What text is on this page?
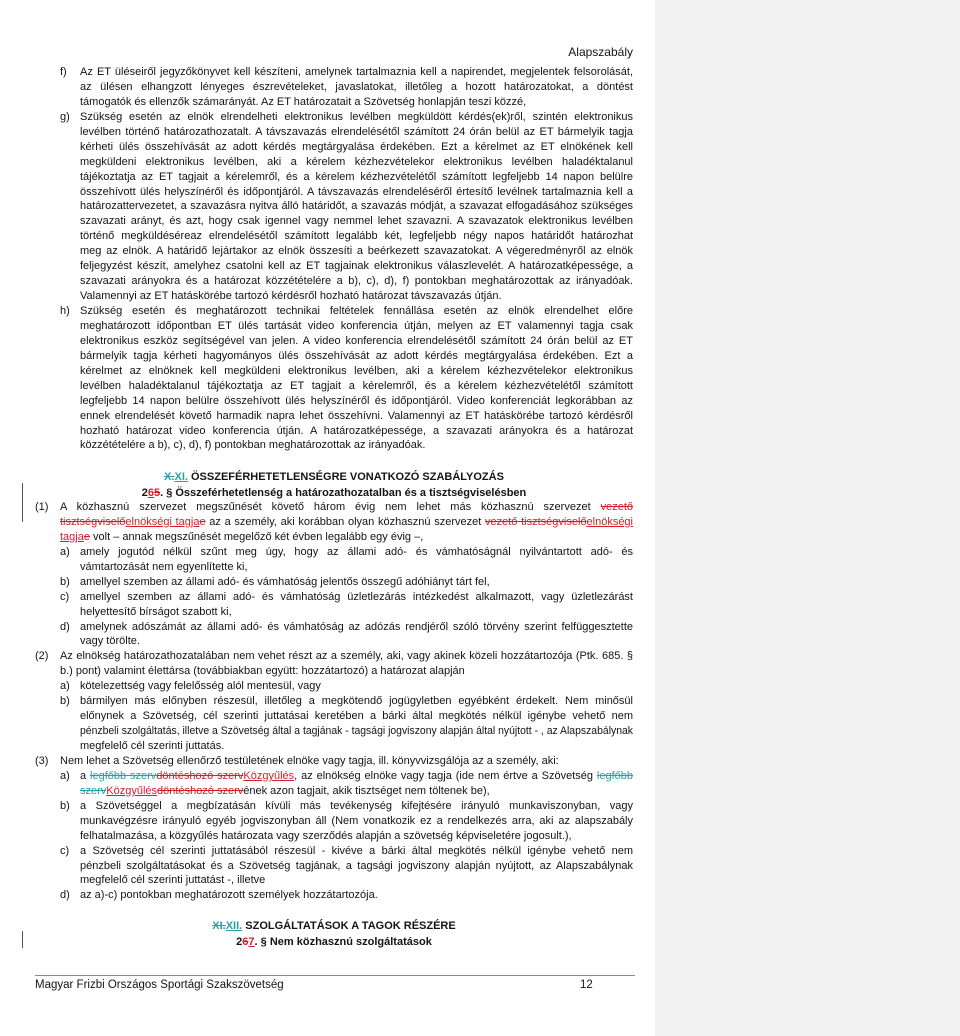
Alapszabály
f) Az ET üléseiről jegyzőkönyvet kell készíteni, amelynek tartalmaznia kell a napirendet, megjelentek felsorolását,
az ülésen elhangzott lényeges észrevételeket, javaslatokat, illetőleg a hozott határozatokat, a döntést
támogatók és ellenzők számarányát. Az ET határozatait a Szövetség honlapján teszi közzé,
g) Szükség esetén az elnök elrendelheti elektronikus levélben megküldött kérdés(ek)ről, szintén elektronikus
levélben történő határozathozatalt. A távszavazás elrendelésétől számított 24 órán belül az ET bármelyik tagja
kérheti ülés összehívását az adott kérdés megtárgyalása érdekében. Ezt a kérelmet az ET elnökének kell
megküldeni elektronikus levélben, aki a kérelem kézhezvételekor elektronikus levélben haladéktalanul
tájékoztatja az ET tagjait a kérelemről, és a kérelem kézhezvételétől számított legfeljebb 14 napon belülre
összehívott ülés helyszínéről és időpontjáról. A távszavazás elrendeléséről értesítő levélnek tartalmaznia kell a
határozattervezetet, a szavazásra nyitva álló határidőt, a szavazás módját, a szavazat elfogadásához szükséges
szavazati arányt, és azt, hogy csak igennel vagy nemmel lehet szavazni. A szavazatok elektronikus levélben
történő megküldéséreaz elrendelésétől számított legalább két, legfeljebb négy napos határidőt határozhat
meg az elnök. A határidő lejártakor az elnök összesíti a beérkezett szavazatokat. A végeredményről az elnök
feljegyzést készít, amelyhez csatolni kell az ET tagjainak elektronikus válaszlevelét. A határozatképessége, a
szavazati arányokra és a határozat közzétételére a b), c), d), f) pontokban meghatározottak az irányadóak.
Valamennyi az ET hatáskörébe tartozó kérdésről hozható határozat távszavazás útján.
h) Szükség esetén és meghatározott technikai feltételek fennállása esetén az elnök elrendelhet előre
meghatározott időpontban ET ülés tartását video konferencia útján, melyen az ET valamennyi tagja csak
elektronikus eszköz segítségével van jelen. A video konferencia elrendelésétől számított 24 órán belül az ET
bármelyik tagja kérheti hagyományos ülés összehívását az adott kérdés megtárgyalása érdekében. Ezt a
kérelmet az elnöknek kell megküldeni elektronikus levélben, aki a kérelem kézhezvételekor elektronikus
levélben haladéktalanul tájékoztatja az ET tagjait a kérelemről, és a kérelem kézhezvételétől számított
legfeljebb 14 napon belülre összehívott ülés helyszínéről és időpontjáról. Video konferenciát legkorábban az
ennek elrendelését követő harmadik napra lehet összehívni. Valamennyi az ET hatáskörébe tartozó kérdésről
hozható határozat video konferencia útján. A határozatképessége, a szavazati arányokra és a határozat
közzétételére a b), c), d), f) pontokban meghatározottak az irányadóak.
X.XI. ÖSSZEFÉRHETETLENSÉGRE VONATKOZÓ SZABÁLYOZÁS
265. § Összeférhetetlenség a határozathozatalban és a tisztségviselésben
(1) A közhasznú szervezet megszűnését követő három évig nem lehet más közhasznú szervezet vezető
tisztségviselőelnökségi tagjae az a személy, aki korábban olyan közhasznú szervezet vezető tisztségviselőelnökségi
tagjae volt – annak megszűnését megelőző két évben legalább egy évig –,
a) amely jogutód nélkül szűnt meg úgy, hogy az állami adó- és vámhatóságnál nyilvántartott adó- és
vámtartozását nem egyenlítette ki,
b) amellyel szemben az állami adó- és vámhatóság jelentős összegű adóhiányt tárt fel,
c) amellyel szemben az állami adó- és vámhatóság üzletlezárás intézkedést alkalmazott, vagy üzletlezárást
helyettesítő bírságot szabott ki,
d) amelynek adószámát az állami adó- és vámhatóság az adózás rendjéről szóló törvény szerint felfüggesztette
vagy törölte.
(2) Az elnökség határozathozatalában nem vehet részt az a személy, aki, vagy akinek közeli hozzátartozója (Ptk. 685. §
b.) pont) valamint élettársa (továbbiakban együtt: hozzátartozó) a határozat alapján
a) kötelezettség vagy felelősség alól mentesül, vagy
b) bármilyen más előnyben részesül, illetőleg a megkötendő jogügyletben egyébként érdekelt. Nem minősül
előnynek a Szövetség, cél szerinti juttatásai keretében a bárki által megkötés nélkül igénybe vehető nem
pénzbeli szolgáltatás, illetve a Szövetség által a tagjának - tagsági jogviszony alapján által nyújtott - , az Alapszabálynak
megfelelő cél szerinti juttatás.
(3) Nem lehet a Szövetség ellenőrző testületének elnöke vagy tagja, ill. könyvvizsgálója az a személy, aki:
a) a legfőbb szervdöntéshozó szervKözgyűlés, az elnökség elnöke vagy tagja (ide nem értve a Szövetség legfőbb
szervKözgyűlésdöntéshozó szervének azon tagjait, akik tisztséget nem töltenek be),
b) a Szövetséggel a megbízatásán kívüli más tevékenység kifejtésére irányuló munkaviszonyban, vagy
munkavégzésre irányuló egyéb jogviszonyban áll (Nem vonatkozik ez a rendelkezés arra, aki az alapszabály
felhatalmazása, a közgyűlés határozata vagy szerződés alapján a szövetség képviseletére jogosult.),
c) a Szövetség cél szerinti juttatásából részesül - kivéve a bárki által megkötés nélkül igénybe vehető nem
pénzbeli szolgáltatásokat és a Szövetség tagjának, a tagsági jogviszony alapján nyújtott, az Alapszabálynak
megfelelő cél szerinti juttatást -, illetve
d) az a)-c) pontokban meghatározott személyek hozzátartozója.
XI.XII. SZOLGÁLTATÁSOK A TAGOK RÉSZÉRE
267. § Nem közhasznú szolgáltatások
Magyar Frizbi Országos Sportági Szakszövetség	12
